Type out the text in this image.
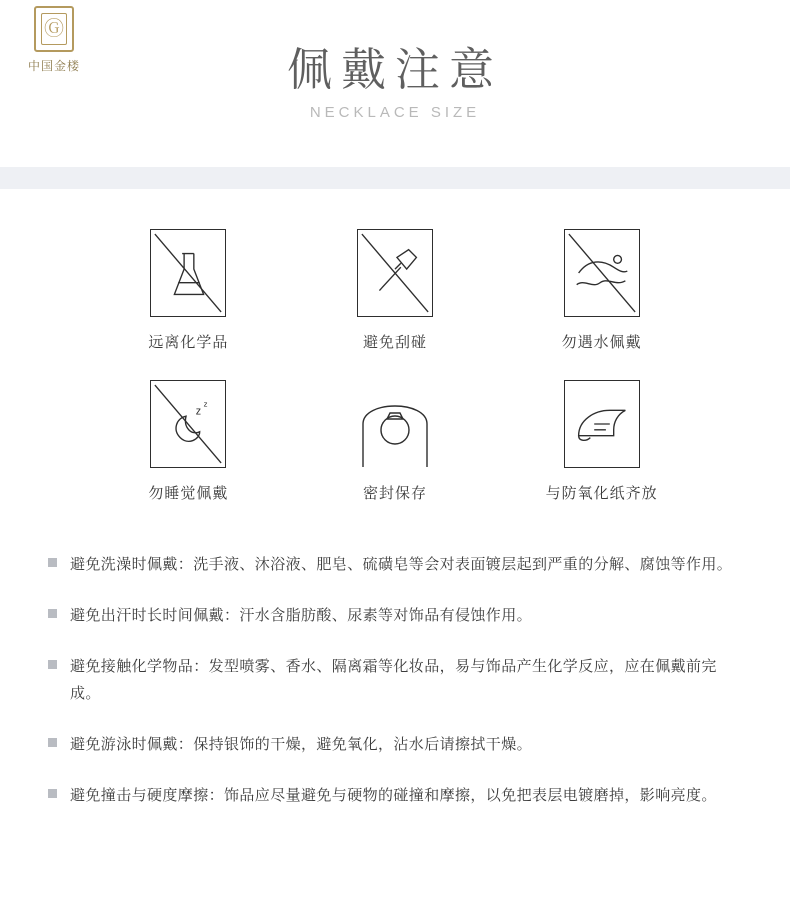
Ⓖ
中国金楼	佩戴注意
NECKLACE SIZE
远离化学品	避免刮碰	勿遇水佩戴
z
z
勿睡觉佩戴	密封保存	与防氧化纸齐放
避免洗澡时佩戴：洗手液、沐浴液、肥皂、硫磺皂等会对表面镀层起到严重的分解、腐蚀等作用。
避免出汗时长时间佩戴：汗水含脂肪酸、尿素等对饰品有侵蚀作用。
避免接触化学物品：发型喷雾、香水、隔离霜等化妆品，易与饰品产生化学反应，应在佩戴前完成。
避免游泳时佩戴：保持银饰的干燥，避免氧化，沾水后请擦拭干燥。
避免撞击与硬度摩擦：饰品应尽量避免与硬物的碰撞和摩擦，以免把表层电镀磨掉，影响亮度。
